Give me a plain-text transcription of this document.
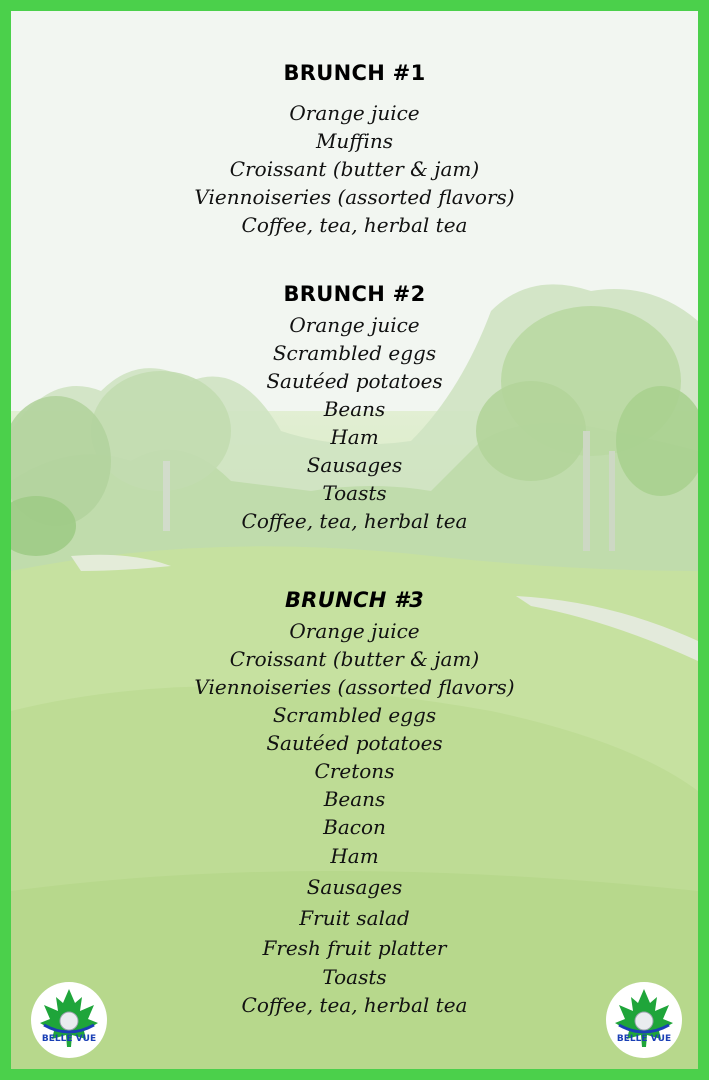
BRUNCH #1
Orange juice
Muffins
Croissant (butter & jam)
Viennoiseries (assorted flavors)
Coffee, tea, herbal tea
BRUNCH #2
Orange juice
Scrambled eggs
Sautéed potatoes
Beans
Ham
Sausages
Toasts
Coffee, tea, herbal tea
BRUNCH #3
Orange juice
Croissant (butter & jam)
Viennoiseries (assorted flavors)
Scrambled eggs
Sautéed potatoes
Cretons
Beans
Bacon
Ham
Sausages
Fruit salad
Fresh fruit platter
Toasts
Coffee, tea, herbal tea
BELLE VUE	BELLE VUE
